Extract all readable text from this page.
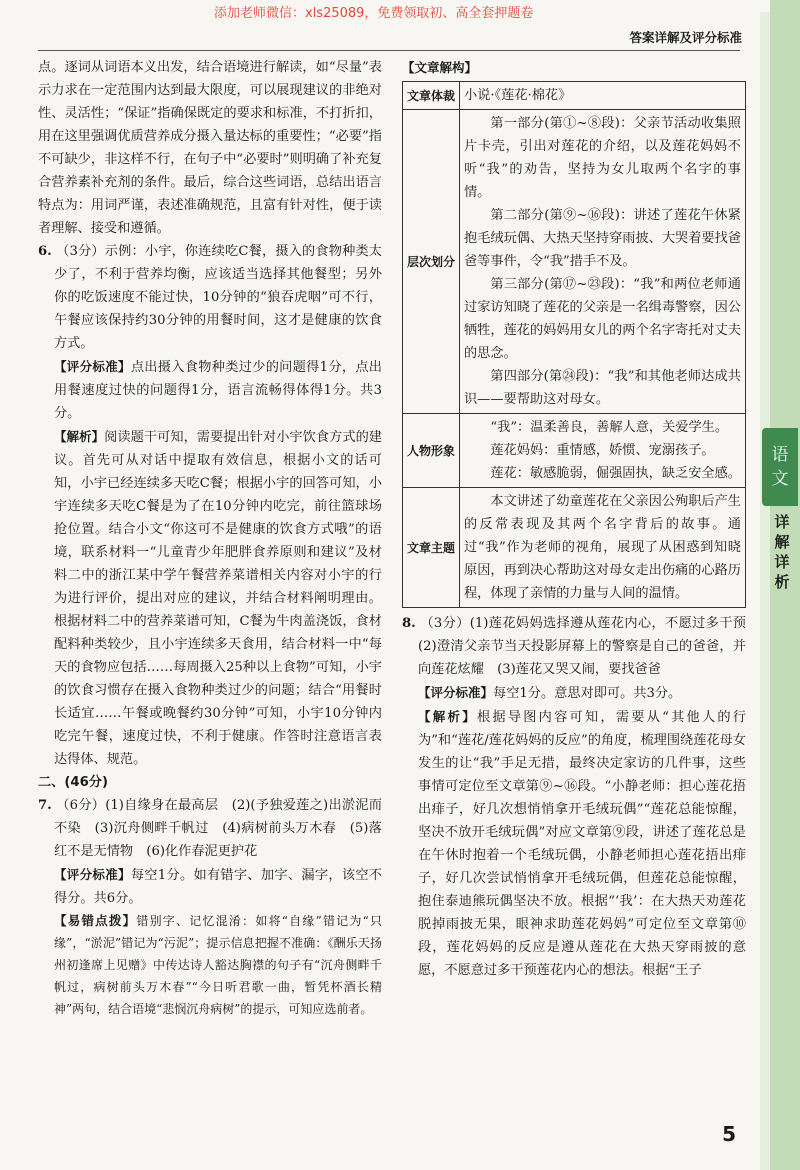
添加老师微信：xls25089，免费领取初、高全套押题卷
答案详解及评分标准
语
文
详
解
详
析

点。逐词从词语本义出发，结合语境进行解读，如“尽量”表示力求在一定范围内达到最大限度，可以展现建议的非绝对性、灵活性；“保证”指确保既定的要求和标准，不打折扣，用在这里强调优质营养成分摄入量达标的重要性；“必要”指不可缺少，非这样不行，在句子中“必要时”则明确了补充复合营养素补充剂的条件。最后，综合这些词语，总结出语言特点为：用词严谨，表述准确规范，且富有针对性，便于读者理解、接受和遵循。

6. （3分）示例：小宇，你连续吃C餐，摄入的食物种类太少了，不利于营养均衡，应该适当选择其他餐型；另外你的吃饭速度不能过快，10分钟的“狼吞虎咽”可不行，午餐应该保持约30分钟的用餐时间，这才是健康的饮食方式。

【评分标准】点出摄入食物种类过少的问题得1分，点出用餐速度过快的问题得1分，语言流畅得体得1分。共3分。

【解析】阅读题干可知，需要提出针对小宇饮食方式的建议。首先可从对话中提取有效信息，根据小文的话可知，小宇已经连续多天吃C餐；根据小宇的回答可知，小宇连续多天吃C餐是为了在10分钟内吃完，前往篮球场抢位置。结合小文“你这可不是健康的饮食方式哦”的语境，联系材料一“儿童青少年肥胖食养原则和建议”及材料二中的浙江某中学午餐营养菜谱相关内容对小宇的行为进行评价，提出对应的建议，并结合材料阐明理由。根据材料二中的营养菜谱可知，C餐为牛肉盖浇饭，食材配料种类较少，且小宇连续多天食用，结合材料一中“每天的食物应包括……每周摄入25种以上食物”可知，小宇的饮食习惯存在摄入食物种类过少的问题；结合“用餐时长适宜……午餐或晚餐约30分钟”可知，小宇10分钟内吃完午餐，速度过快，不利于健康。作答时注意语言表达得体、规范。

二、(46分)

7. （6分）(1)自缘身在最高层　(2)(予独爱莲之)出淤泥而不染　(3)沉舟侧畔千帆过　(4)病树前头万木春　(5)落红不是无情物　(6)化作春泥更护花

【评分标准】每空1分。如有错字、加字、漏字，该空不得分。共6分。

【易错点拨】错别字、记忆混淆：如将“自缘”错记为“只缘”，“淤泥”错记为“污泥”；提示信息把握不准确：《酬乐天扬州初逢席上见赠》中传达诗人豁达胸襟的句子有“沉舟侧畔千帆过，病树前头万木春”“今日听君歌一曲，暂凭杯酒长精神”两句，结合语境“悲悯沉舟病树”的提示，可知应选前者。

【文章解构】

文章体裁	小说·《莲花·棉花》

层次划分	第一部分(第①~⑧段)：父亲节活动收集照片卡壳，引出对莲花的介绍，以及莲花妈妈不听“我”的劝告，坚持为女儿取两个名字的事情。

第二部分(第⑨~⑯段)：讲述了莲花午休紧抱毛绒玩偶、大热天坚持穿雨披、大哭着要找爸爸等事件，令“我”措手不及。

第三部分(第⑰~㉓段)：“我”和两位老师通过家访知晓了莲花的父亲是一名缉毒警察，因公牺牲，莲花的妈妈用女儿的两个名字寄托对丈夫的思念。

第四部分(第㉔段)：“我”和其他老师达成共识——要帮助这对母女。

人物形象	“我”：温柔善良，善解人意，关爱学生。

莲花妈妈：重情感，娇惯、宠溺孩子。

莲花：敏感脆弱，倔强固执，缺乏安全感。

文章主题	本文讲述了幼童莲花在父亲因公殉职后产生的反常表现及其两个名字背后的故事。通过“我”作为老师的视角，展现了从困惑到知晓原因，再到决心帮助这对母女走出伤痛的心路历程，体现了亲情的力量与人间的温情。

8. （3分）(1)莲花妈妈选择遵从莲花内心，不愿过多干预　(2)澄清父亲节当天投影屏幕上的警察是自己的爸爸，并向莲花炫耀　(3)莲花又哭又闹，要找爸爸

【评分标准】每空1分。意思对即可。共3分。

【解析】根据导图内容可知，需要从“其他人的行为”和“莲花/莲花妈妈的反应”的角度，梳理围绕莲花母女发生的让“我”手足无措，最终决定家访的几件事，这些事情可定位至文章第⑨~⑯段。“小静老师：担心莲花捂出痱子，好几次想悄悄拿开毛绒玩偶”“莲花总能惊醒，坚决不放开毛绒玩偶”对应文章第⑨段，讲述了莲花总是在午休时抱着一个毛绒玩偶，小静老师担心莲花捂出痱子，好几次尝试悄悄拿开毛绒玩偶，但莲花总能惊醒，抱住泰迪熊玩偶坚决不放。根据“‘我’：在大热天劝莲花脱掉雨披无果，眼神求助莲花妈妈”可定位至文章第⑩段，莲花妈妈的反应是遵从莲花在大热天穿雨披的意愿，不愿意过多干预莲花内心的想法。根据“王子

5
